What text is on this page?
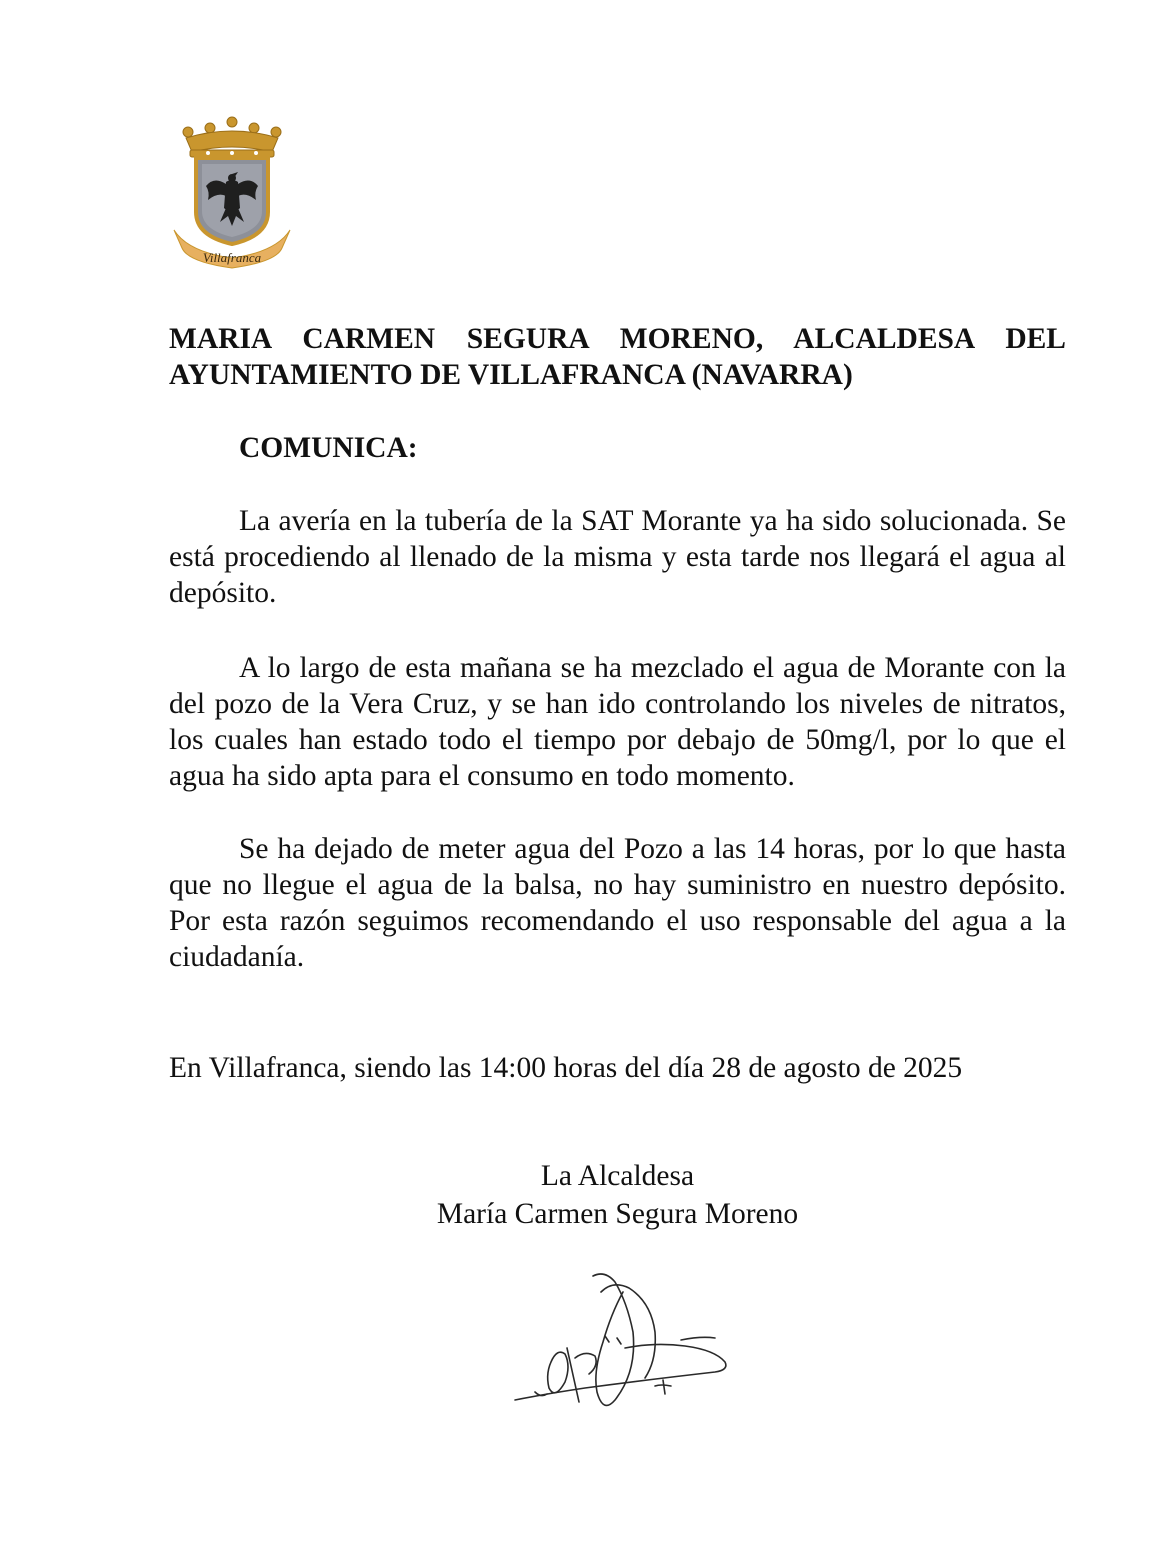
Villafranca

MARIA CARMEN SEGURA MORENO, ALCALDESA DEL AYUNTAMIENTO DE VILLAFRANCA (NAVARRA)

COMUNICA:

La avería en la tubería de la SAT Morante ya ha sido solucionada. Se está procediendo al llenado de la misma y esta tarde nos llegará el agua al depósito.

A lo largo de esta mañana se ha mezclado el agua de Morante con la del pozo de la Vera Cruz, y se han ido controlando los niveles de nitratos, los cuales han estado todo el tiempo por debajo de 50mg/l, por lo que el agua ha sido apta para el consumo en todo momento.

Se ha dejado de meter agua del Pozo a las 14 horas, por lo que hasta que no llegue el agua de la balsa, no hay suministro en nuestro depósito. Por esta razón seguimos recomendando el uso responsable del agua a la ciudadanía.

En Villafranca, siendo las 14:00 horas del día 28 de agosto de 2025

La Alcaldesa

María Carmen Segura Moreno
